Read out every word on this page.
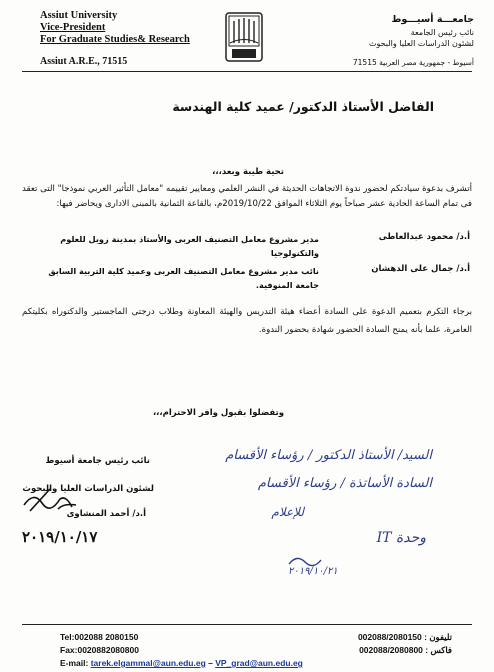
Assiut University
Vice-President
For Graduate Studies& Research
Assiut A.R.E., 71515
جامعـــة أسيـــوط
نائب رئيس الجامعة
لشئون الدراسات العليا والبحوث
أسيوط - جمهورية مصر العربية 71515
الفاضل الأستاذ الدكتور/ عميد كلية الهندسة
تحية طيبة وبعد،،،
أتشرف بدعوة سيادتكم لحضور ندوة الاتجاهات الحديثة في النشر العلمي ومعايير تقييمه "معامل التأثير العربي نموذجا" التى تعقد فى تمام الساعة الحادية عشر صباحاً يوم الثلاثاء الموافق 2019/10/22م، بالقاعة الثمانية بالمبنى الادارى ويحاضر فيها:
أ.د/ محمود عبدالعاطى
مدير مشروع معامل التصنيف العربى والأستاذ بمدينة زويل للعلوم والتكنولوجيا
أ.د/ جمال على الدهشان
نائب مدير مشروع معامل التصنيف العربى وعميد كلية التربية السابق جامعة المنوفية.
برجاء التكرم بتعميم الدعوة على السادة أعضاء هيئة التدريس والهيئة المعاونة وطلاب درجتى الماجستير والدكتوراه بكليتكم العامرة، علما بأنه يمنح السادة الحضور شهادة بحضور الندوة.
وتفضلوا بقبول وافر الاحترام،،،
نائب رئيس جامعة أسيوط
لشئون الدراسات العليا والبحوث
أ.د/ أحمد المنشاوى
٢٠١٩/١٠/١٧
السيد/ الأستاذ الدكتور / رؤساء الأقسام
السادة الأساتذة / رؤساء الأقسام
للإعلام
وحدة IT
٢٠١٩/١٠/٢١
Tel:002088 2080150
Fax:0020882080800
E-mail: tarek.elgammal@aun.edu.eg – VP_grad@aun.edu.eg
تليفون : 002088/2080150
فاكس : 002088/2080800
